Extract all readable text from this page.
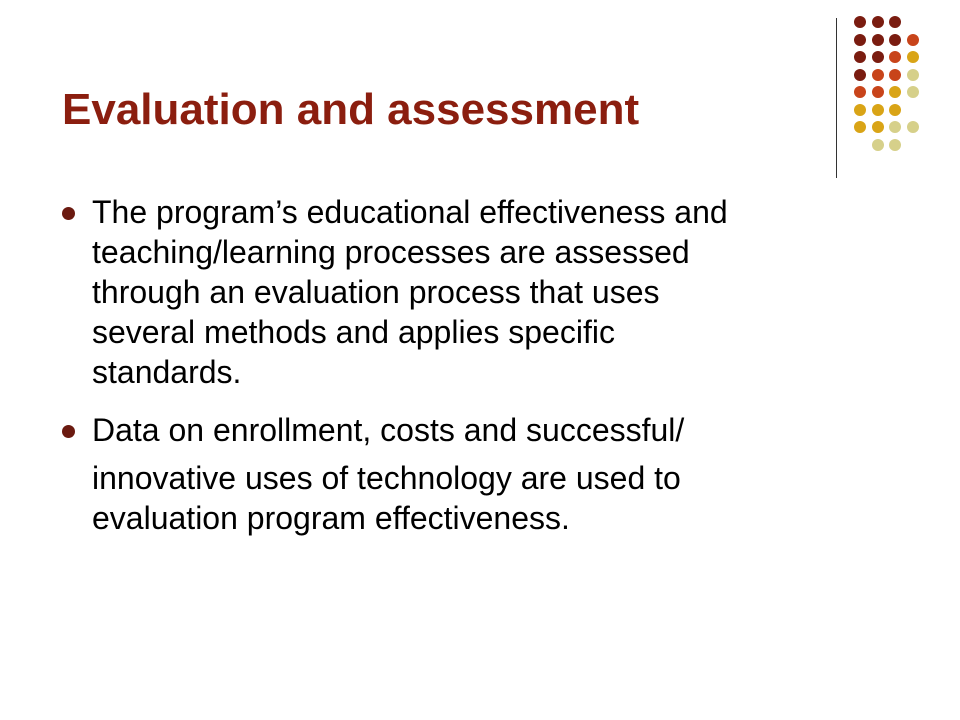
Evaluation and assessment
The program’s educational effectiveness and
teaching/learning processes are assessed
through an evaluation process that uses
several methods and applies specific
standards.
Data on enrollment, costs and successful/
innovative uses of technology are used to
evaluation program effectiveness.
